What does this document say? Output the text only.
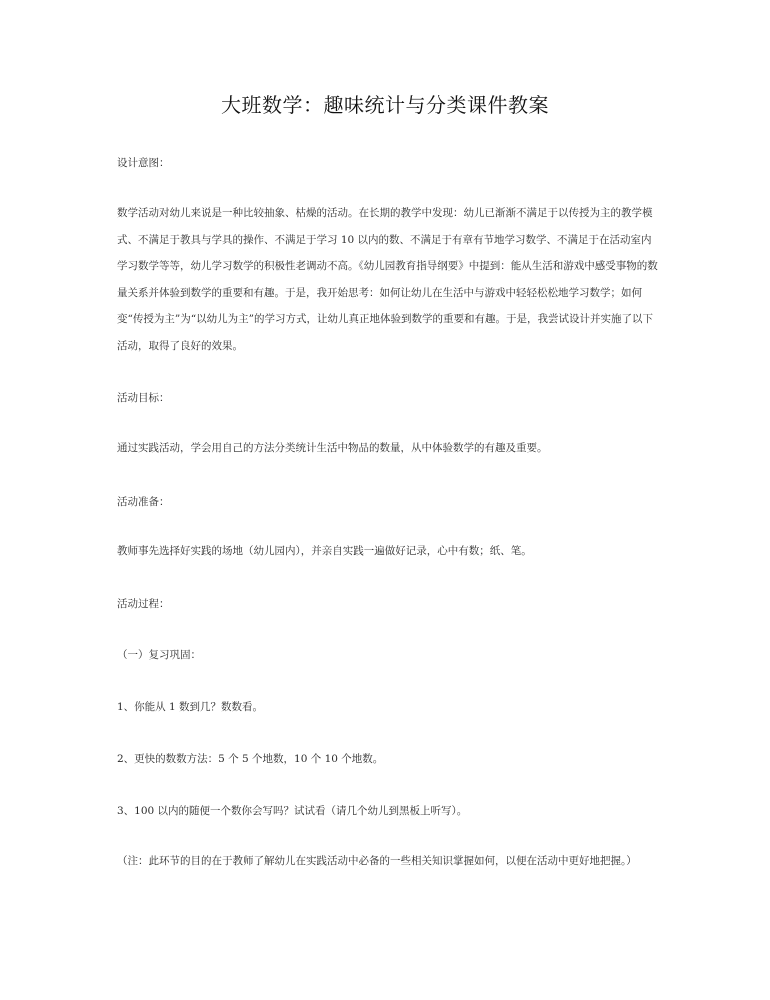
大班数学：趣味统计与分类课件教案

设计意图：

数学活动对幼儿来说是一种比较抽象、枯燥的活动。在长期的教学中发现：幼儿已渐渐不满足于以传授为主的教学模式、不满足于教具与学具的操作、不满足于学习 10 以内的数、不满足于有章有节地学习数学、不满足于在活动室内学习数学等等，幼儿学习数学的积极性老调动不高。《幼儿园教育指导纲要》中提到：能从生活和游戏中感受事物的数量关系并体验到数学的重要和有趣。于是，我开始思考：如何让幼儿在生活中与游戏中轻轻松松地学习数学；如何变“传授为主”为“以幼儿为主”的学习方式，让幼儿真正地体验到数学的重要和有趣。于是，我尝试设计并实施了以下活动，取得了良好的效果。

活动目标：

通过实践活动，学会用自己的方法分类统计生活中物品的数量，从中体验数学的有趣及重要。

活动准备：

教师事先选择好实践的场地（幼儿园内），并亲自实践一遍做好记录，心中有数；纸、笔。

活动过程：

（一）复习巩固：

1、你能从 1 数到几？数数看。

2、更快的数数方法：5 个 5 个地数，10 个 10 个地数。

3、100 以内的随便一个数你会写吗？试试看（请几个幼儿到黑板上听写）。

（注：此环节的目的在于教师了解幼儿在实践活动中必备的一些相关知识掌握如何，以便在活动中更好地把握。）
